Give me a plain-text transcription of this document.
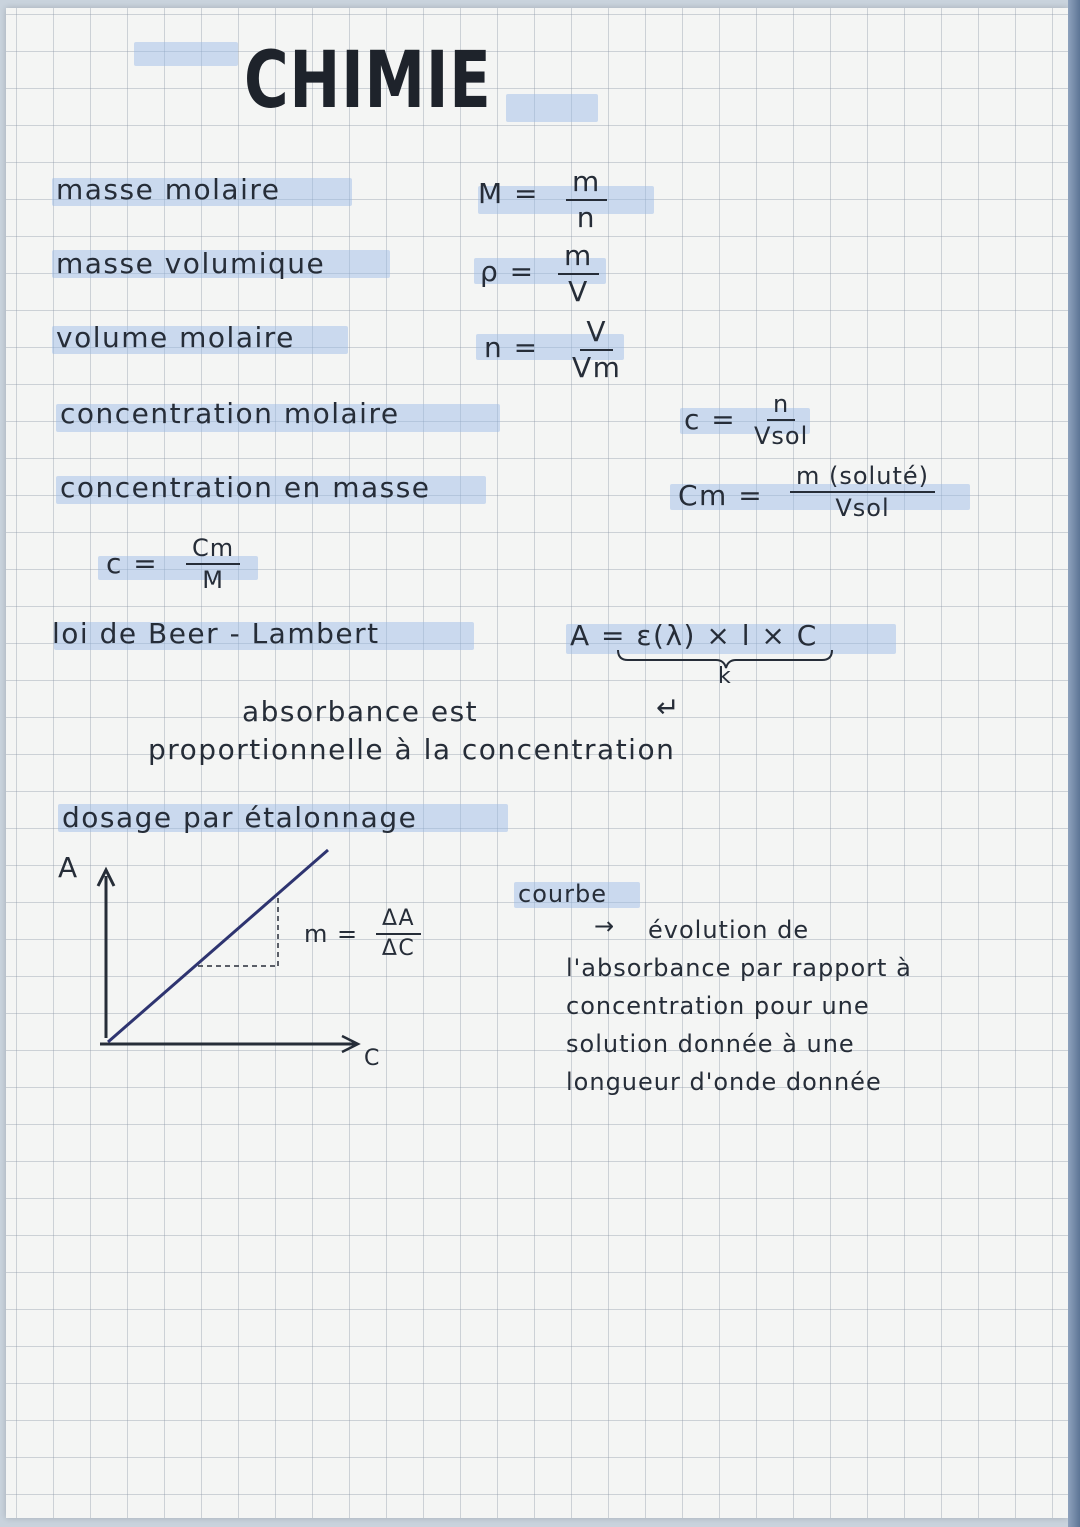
CHIMIE
masse molaire
masse volumique
volume molaire
concentration molaire
concentration en masse
$M = \frac{m}{n}$
$\rho = \frac{m}{V}$
$n = \frac{V}{Vm}$
c = n
Vsol
Cm =
m (soluté)
Vsol
$c = \frac{Cm}{M}$
loi de Beer - Lambert	A = ε(λ) × l × C
k
↵
absorbance est
proportionnelle à la concentration
dosage par étalonnage
A
C
$m = \frac{\Delta A}{\Delta C}$
courbe
→ évolution de
l'absorbance par rapport à
concentration pour une
solution donnée à une
longueur d'onde donnée
